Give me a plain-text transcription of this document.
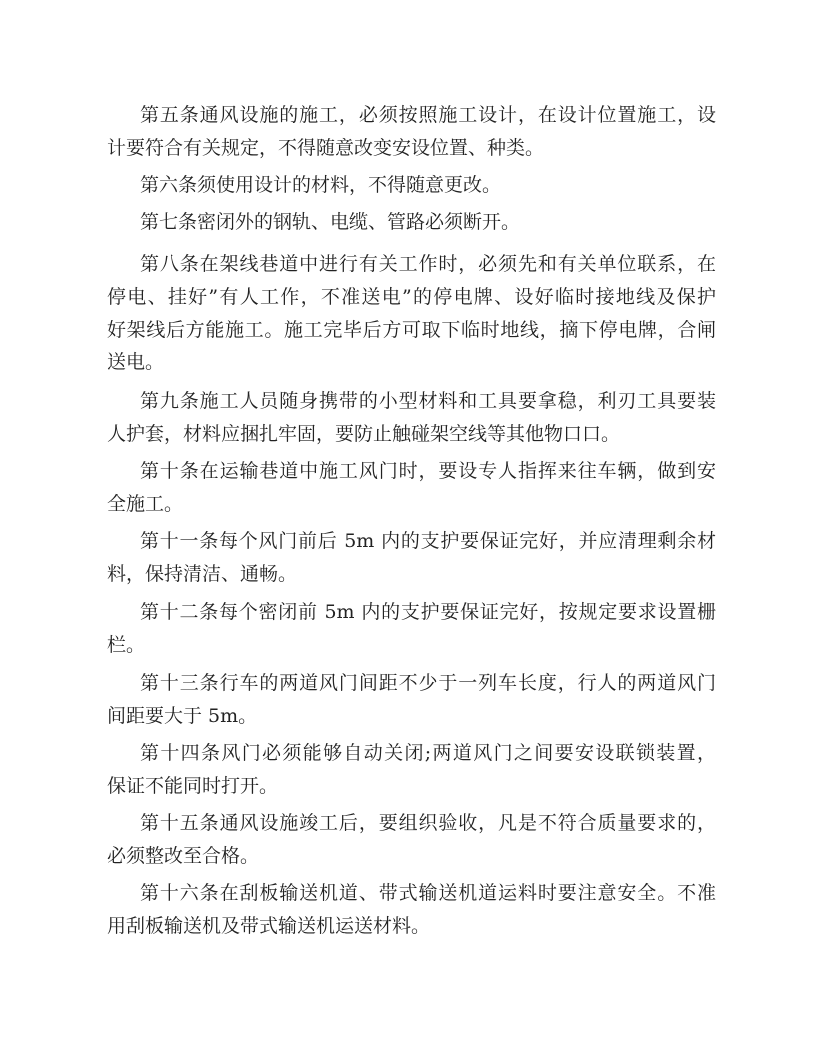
第五条通风设施的施工，必须按照施工设计，在设计位置施工，设
计要符合有关规定，不得随意改变安设位置、种类。
第六条须使用设计的材料，不得随意更改。
第七条密闭外的钢轨、电缆、管路必须断开。
第八条在架线巷道中进行有关工作时，必须先和有关单位联系，在
停电、挂好”有人工作，不准送电”的停电牌、设好临时接地线及保护
好架线后方能施工。施工完毕后方可取下临时地线，摘下停电牌，合闸
送电。
第九条施工人员随身携带的小型材料和工具要拿稳，利刃工具要装
人护套，材料应捆扎牢固，要防止触碰架空线等其他物口口。
第十条在运输巷道中施工风门时，要设专人指挥来往车辆，做到安
全施工。
第十一条每个风门前后 5m 内的支护要保证完好，并应清理剩余材
料，保持清洁、通畅。
第十二条每个密闭前 5m 内的支护要保证完好，按规定要求设置栅
栏。
第十三条行车的两道风门间距不少于一列车长度，行人的两道风门
间距要大于 5m。
第十四条风门必须能够自动关闭;两道风门之间要安设联锁装置，
保证不能同时打开。
第十五条通风设施竣工后，要组织验收，凡是不符合质量要求的，
必须整改至合格。
第十六条在刮板输送机道、带式输送机道运料时要注意安全。不准
用刮板输送机及带式输送机运送材料。
